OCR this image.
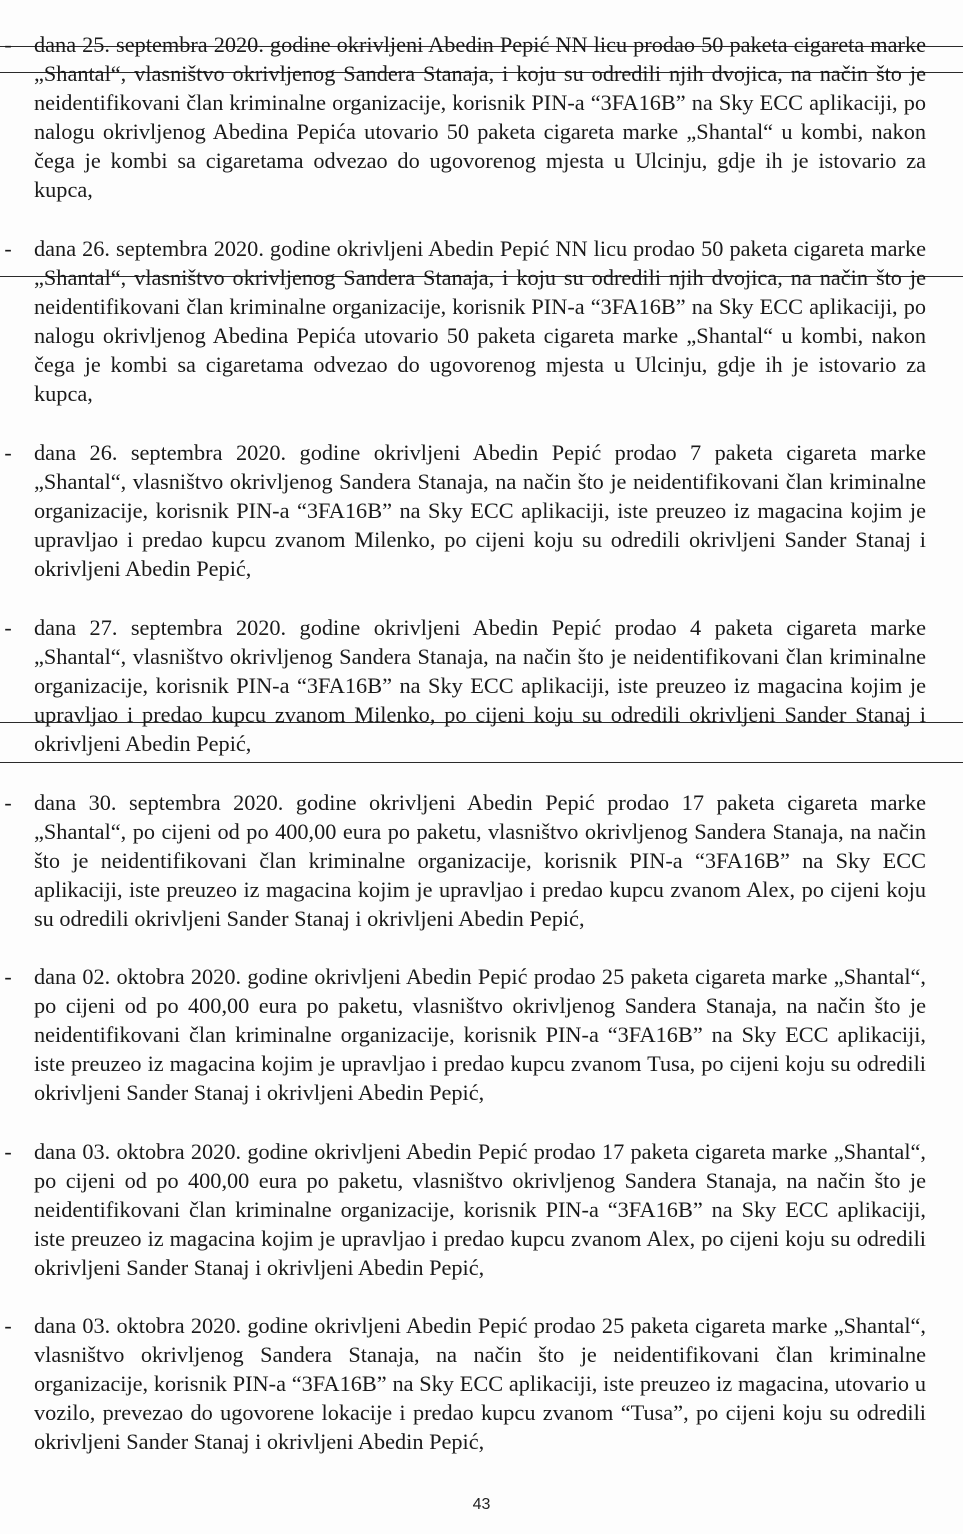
- dana 25. septembra 2020. godine okrivljeni Abedin Pepić NN licu prodao 50 paketa cigareta marke „Shantal“, vlasništvo okrivljenog Sandera Stanaja, i koju su odredili njih dvojica, na način što je neidentifikovani član kriminalne organizacije, korisnik PIN-a “3FA16B” na Sky ECC aplikaciji, po nalogu okrivljenog Abedina Pepića utovario 50 paketa cigareta marke „Shantal“ u kombi, nakon čega je kombi sa cigaretama odvezao do ugovorenog mjesta u Ulcinju, gdje ih je istovario za kupca,

- dana 26. septembra 2020. godine okrivljeni Abedin Pepić NN licu prodao 50 paketa cigareta marke „Shantal“, vlasništvo okrivljenog Sandera Stanaja, i koju su odredili njih dvojica, na način što je neidentifikovani član kriminalne organizacije, korisnik PIN-a “3FA16B” na Sky ECC aplikaciji, po nalogu okrivljenog Abedina Pepića utovario 50 paketa cigareta marke „Shantal“ u kombi, nakon čega je kombi sa cigaretama odvezao do ugovorenog mjesta u Ulcinju, gdje ih je istovario za kupca,

- dana 26. septembra 2020. godine okrivljeni Abedin Pepić prodao 7 paketa cigareta marke „Shantal“, vlasništvo okrivljenog Sandera Stanaja, na način što je neidentifikovani član kriminalne organizacije, korisnik PIN-a “3FA16B” na Sky ECC aplikaciji, iste preuzeo iz magacina kojim je upravljao i predao kupcu zvanom Milenko, po cijeni koju su odredili okrivljeni Sander Stanaj i okrivljeni Abedin Pepić,

- dana 27. septembra 2020. godine okrivljeni Abedin Pepić prodao 4 paketa cigareta marke „Shantal“, vlasništvo okrivljenog Sandera Stanaja, na način što je neidentifikovani član kriminalne organizacije, korisnik PIN-a “3FA16B” na Sky ECC aplikaciji, iste preuzeo iz magacina kojim je upravljao i predao kupcu zvanom Milenko, po cijeni koju su odredili okrivljeni Sander Stanaj i okrivljeni Abedin Pepić,

- dana 30. septembra 2020. godine okrivljeni Abedin Pepić prodao 17 paketa cigareta marke „Shantal“, po cijeni od po 400,00 eura po paketu, vlasništvo okrivljenog Sandera Stanaja, na način što je neidentifikovani član kriminalne organizacije, korisnik PIN-a “3FA16B” na Sky ECC aplikaciji, iste preuzeo iz magacina kojim je upravljao i predao kupcu zvanom Alex, po cijeni koju su odredili okrivljeni Sander Stanaj i okrivljeni Abedin Pepić,

- dana 02. oktobra 2020. godine okrivljeni Abedin Pepić prodao 25 paketa cigareta marke „Shantal“, po cijeni od po 400,00 eura po paketu, vlasništvo okrivljenog Sandera Stanaja, na način što je neidentifikovani član kriminalne organizacije, korisnik PIN-a “3FA16B” na Sky ECC aplikaciji, iste preuzeo iz magacina kojim je upravljao i predao kupcu zvanom Tusa, po cijeni koju su odredili okrivljeni Sander Stanaj i okrivljeni Abedin Pepić,

- dana 03. oktobra 2020. godine okrivljeni Abedin Pepić prodao 17 paketa cigareta marke „Shantal“, po cijeni od po 400,00 eura po paketu, vlasništvo okrivljenog Sandera Stanaja, na način što je neidentifikovani član kriminalne organizacije, korisnik PIN-a “3FA16B” na Sky ECC aplikaciji, iste preuzeo iz magacina kojim je upravljao i predao kupcu zvanom Alex, po cijeni koju su odredili okrivljeni Sander Stanaj i okrivljeni Abedin Pepić,

- dana 03. oktobra 2020. godine okrivljeni Abedin Pepić prodao 25 paketa cigareta marke „Shantal“, vlasništvo okrivljenog Sandera Stanaja, na način što je neidentifikovani član kriminalne organizacije, korisnik PIN-a “3FA16B” na Sky ECC aplikaciji, iste preuzeo iz magacina, utovario u vozilo, prevezao do ugovorene lokacije i predao kupcu zvanom “Tusa”, po cijeni koju su odredili okrivljeni Sander Stanaj i okrivljeni Abedin Pepić,

43
